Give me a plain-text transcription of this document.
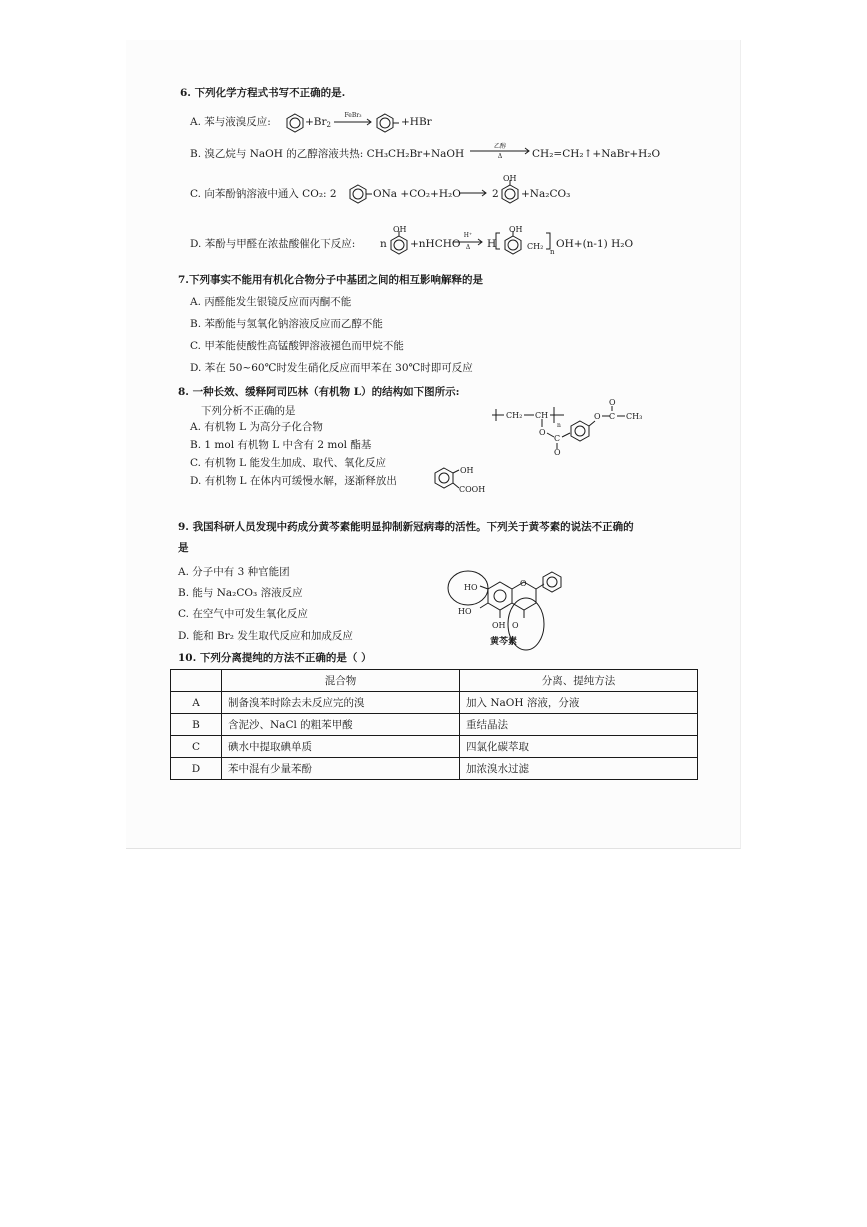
6. 下列化学方程式书写不正确的是.
A. 苯与液溴反应:	$+Br_2$
FeBr₃
+HBr
B. 溴乙烷与 NaOH 的乙醇溶液共热: CH₃CH₂Br+NaOH
乙醇
Δ	CH₂=CH₂↑+NaBr+H₂O
C. 向苯酚钠溶液中通入 CO₂: 2	ONa +CO₂+H₂O	2
OH
+Na₂CO₃
D. 苯酚与甲醛在浓盐酸催化下反应: n
OH
+nHCHO
H⁺
Δ	H
OH
CH₂
n
OH+(n-1) H₂O
7.下列事实不能用有机化合物分子中基团之间的相互影响解释的是
A. 丙醛能发生银镜反应而丙酮不能
B. 苯酚能与氢氧化钠溶液反应而乙醇不能
C. 甲苯能使酸性高锰酸钾溶液褪色而甲烷不能
D. 苯在 50~60℃时发生硝化反应而甲苯在 30℃时即可反应
8. 一种长效、缓释阿司匹林（有机物 L）的结构如下图所示:
下列分析不正确的是
A. 有机物 L 为高分子化合物
B. 1 mol 有机物 L 中含有 2 mol 酯基
C. 有机物 L 能发生加成、取代、氧化反应
D. 有机物 L 在体内可缓慢水解，逐渐释放出
CH₂ CH
n
O
C
O
O C
O
CH₃
OH
COOH
9. 我国科研人员发现中药成分黄芩素能明显抑制新冠病毒的活性。下列关于黄芩素的说法不正确的
是
A. 分子中有 3 种官能团
B. 能与 Na₂CO₃ 溶液反应
C. 在空气中可发生氧化反应
D. 能和 Br₂ 发生取代反应和加成反应
HO
HO
OH
O
O
黄芩素
10. 下列分离提纯的方法不正确的是（ ）
	混合物	分离、提纯方法
A	制备溴苯时除去未反应完的溴	加入 NaOH 溶液，分液
B	含泥沙、NaCl 的粗苯甲酸	重结晶法
C	碘水中提取碘单质	四氯化碳萃取
D	苯中混有少量苯酚	加浓溴水过滤
